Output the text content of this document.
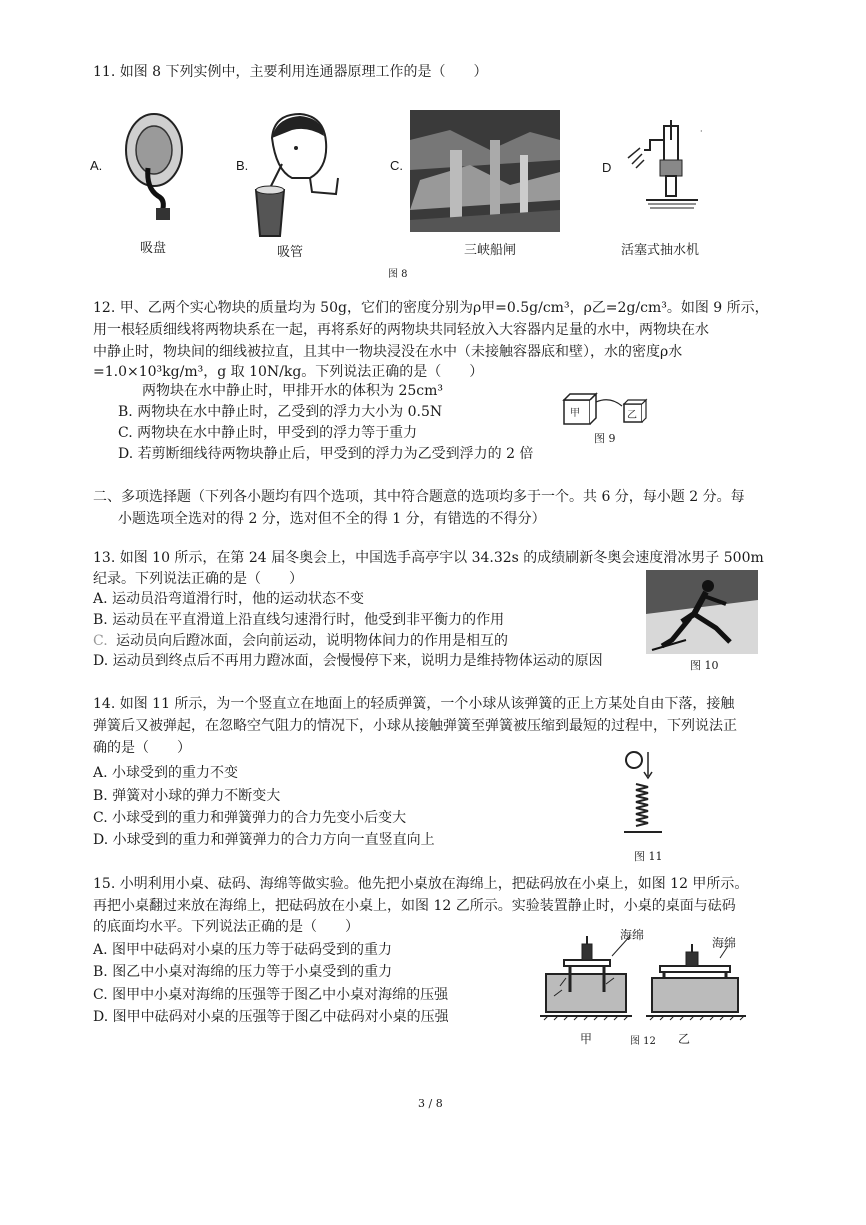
11. 如图 8 下列实例中，主要利用连通器原理工作的是（　　）
A.
吸盘
B.
吸管
C.
三峡船闸
图 8
D
·
活塞式抽水机
12. 甲、乙两个实心物块的质量均为 50g，它们的密度分别为ρ甲=0.5g/cm³，ρ乙=2g/cm³。如图 9 所示，
用一根轻质细线将两物块系在一起，再将系好的两物块共同轻放入大容器内足量的水中，两物块在水
中静止时，物块间的细线被拉直，且其中一物块浸没在水中（未接触容器底和壁），水的密度ρ水
=1.0×10³kg/m³，g 取 10N/kg。下列说法正确的是（　　）
两物块在水中静止时，甲排开水的体积为 25cm³
B. 两物块在水中静止时，乙受到的浮力大小为 0.5N
C. 两物块在水中静止时，甲受到的浮力等于重力
D. 若剪断细线待两物块静止后，甲受到的浮力为乙受到浮力的 2 倍
甲	乙
图 9
二、多项选择题（下列各小题均有四个选项，其中符合题意的选项均多于一个。共 6 分，每小题 2 分。每
小题选项全选对的得 2 分，选对但不全的得 1 分，有错选的不得分）
13. 如图 10 所示，在第 24 届冬奥会上，中国选手高亭宇以 34.32s 的成绩刷新冬奥会速度滑冰男子 500m
纪录。下列说法正确的是（　　）
A. 运动员沿弯道滑行时，他的运动状态不变
B. 运动员在平直滑道上沿直线匀速滑行时，他受到非平衡力的作用
C. 运动员向后蹬冰面，会向前运动，说明物体间力的作用是相互的
D. 运动员到终点后不再用力蹬冰面，会慢慢停下来，说明力是维持物体运动的原因	图 10
14. 如图 11 所示，为一个竖直立在地面上的轻质弹簧，一个小球从该弹簧的正上方某处自由下落，接触
弹簧后又被弹起，在忽略空气阻力的情况下，小球从接触弹簧至弹簧被压缩到最短的过程中，下列说法正
确的是（　　）
A. 小球受到的重力不变
B. 弹簧对小球的弹力不断变大
C. 小球受到的重力和弹簧弹力的合力先变小后变大
D. 小球受到的重力和弹簧弹力的合力方向一直竖直向上
图 11
15. 小明利用小桌、砝码、海绵等做实验。他先把小桌放在海绵上，把砝码放在小桌上，如图 12 甲所示。
再把小桌翻过来放在海绵上，把砝码放在小桌上，如图 12 乙所示。实验装置静止时，小桌的桌面与砝码
的底面均水平。下列说法正确的是（　　）
A. 图甲中砝码对小桌的压力等于砝码受到的重力
B. 图乙中小桌对海绵的压力等于小桌受到的重力
C. 图甲中小桌对海绵的压强等于图乙中小桌对海绵的压强
D. 图甲中砝码对小桌的压强等于图乙中砝码对小桌的压强
海绵
海绵
甲	图 12 乙
3 / 8
